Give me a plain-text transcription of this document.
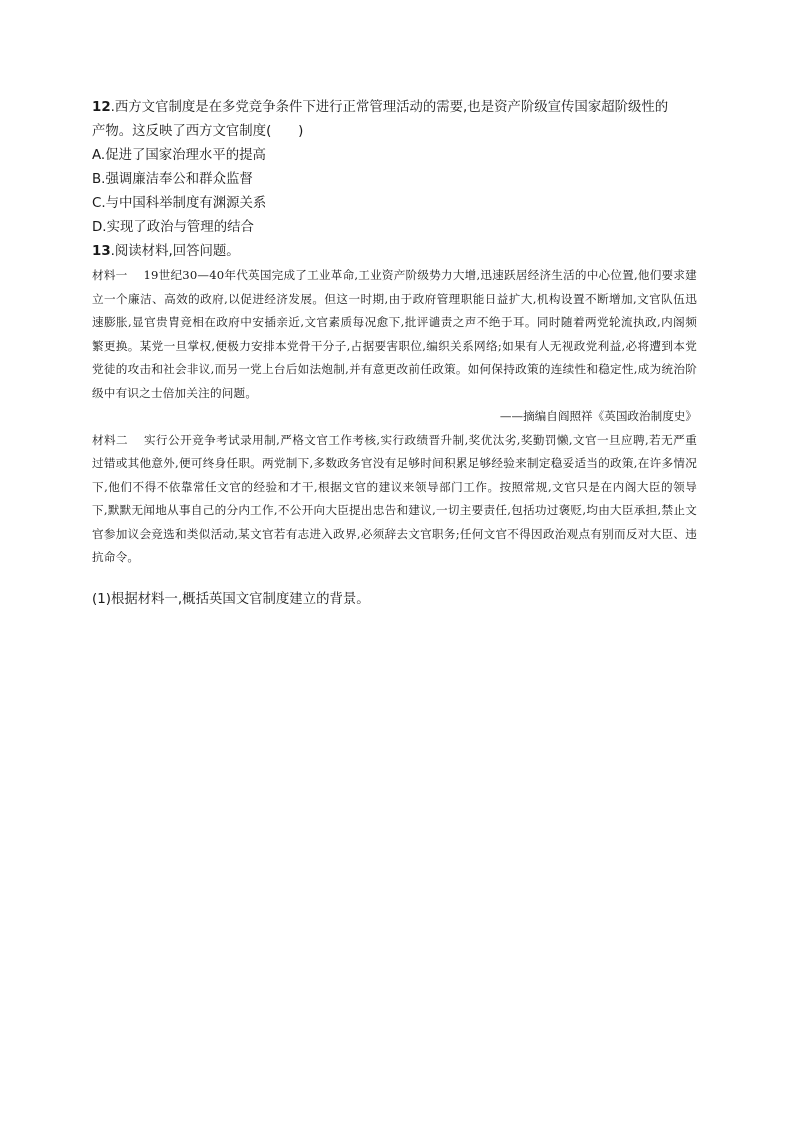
12.西方文官制度是在多党竞争条件下进行正常管理活动的需要,也是资产阶级宣传国家超阶级性的

产物。这反映了西方文官制度(　　)

A.促进了国家治理水平的提高

B.强调廉洁奉公和群众监督

C.与中国科举制度有渊源关系

D.实现了政治与管理的结合

13.阅读材料,回答问题。

材料一 19世纪30—40年代英国完成了工业革命,工业资产阶级势力大增,迅速跃居经济生活的中心位置,他们要求建立一个廉洁、高效的政府,以促进经济发展。但这一时期,由于政府管理职能日益扩大,机构设置不断增加,文官队伍迅速膨胀,显官贵胄竞相在政府中安插亲近,文官素质每况愈下,批评谴责之声不绝于耳。同时随着两党轮流执政,内阁频繁更换。某党一旦掌权,便极力安排本党骨干分子,占据要害职位,编织关系网络;如果有人无视政党利益,必将遭到本党党徒的攻击和社会非议,而另一党上台后如法炮制,并有意更改前任政策。如何保持政策的连续性和稳定性,成为统治阶级中有识之士倍加关注的问题。

——摘编自阎照祥《英国政治制度史》

材料二 实行公开竞争考试录用制,严格文官工作考核,实行政绩晋升制,奖优汰劣,奖勤罚懒,文官一旦应聘,若无严重过错或其他意外,便可终身任职。两党制下,多数政务官没有足够时间积累足够经验来制定稳妥适当的政策,在许多情况下,他们不得不依靠常任文官的经验和才干,根据文官的建议来领导部门工作。按照常规,文官只是在内阁大臣的领导下,默默无闻地从事自己的分内工作,不公开向大臣提出忠告和建议,一切主要责任,包括功过褒贬,均由大臣承担,禁止文官参加议会竞选和类似活动,某文官若有志进入政界,必须辞去文官职务;任何文官不得因政治观点有别而反对大臣、违抗命令。

(1)根据材料一,概括英国文官制度建立的背景。
